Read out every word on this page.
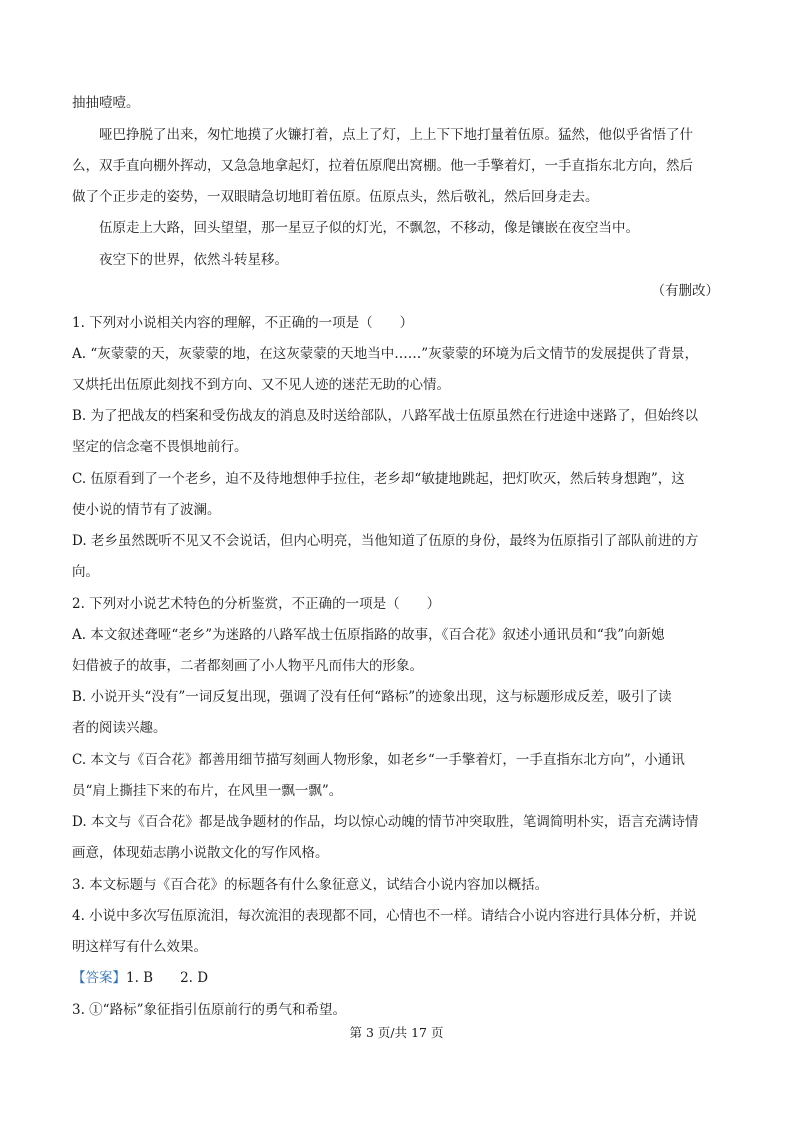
抽抽噎噎。
哑巴挣脱了出来，匆忙地摸了火镰打着，点上了灯，上上下下地打量着伍原。猛然，他似乎省悟了什
么，双手直向棚外挥动，又急急地拿起灯，拉着伍原爬出窝棚。他一手擎着灯，一手直指东北方向，然后
做了个正步走的姿势，一双眼睛急切地盯着伍原。伍原点头，然后敬礼，然后回身走去。
伍原走上大路，回头望望，那一星豆子似的灯光，不飘忽，不移动，像是镶嵌在夜空当中。
夜空下的世界，依然斗转星移。
（有删改）
1. 下列对小说相关内容的理解，不正确的一项是（　　）
A. “灰蒙蒙的天，灰蒙蒙的地，在这灰蒙蒙的天地当中……”灰蒙蒙的环境为后文情节的发展提供了背景，
又烘托出伍原此刻找不到方向、又不见人迹的迷茫无助的心情。
B. 为了把战友的档案和受伤战友的消息及时送给部队，八路军战士伍原虽然在行进途中迷路了，但始终以
坚定的信念毫不畏惧地前行。
C. 伍原看到了一个老乡，迫不及待地想伸手拉住，老乡却“敏捷地跳起，把灯吹灭，然后转身想跑”，这
使小说的情节有了波澜。
D. 老乡虽然既听不见又不会说话，但内心明亮，当他知道了伍原的身份，最终为伍原指引了部队前进的方
向。
2. 下列对小说艺术特色的分析鉴赏，不正确的一项是（　　）
A. 本文叙述聋哑“老乡”为迷路的八路军战士伍原指路的故事，《百合花》叙述小通讯员和“我”向新媳
妇借被子的故事，二者都刻画了小人物平凡而伟大的形象。
B. 小说开头“没有”一词反复出现，强调了没有任何“路标”的迹象出现，这与标题形成反差，吸引了读
者的阅读兴趣。
C. 本文与《百合花》都善用细节描写刻画人物形象，如老乡“一手擎着灯，一手直指东北方向”，小通讯
员“肩上撕挂下来的布片，在风里一飘一飘”。
D. 本文与《百合花》都是战争题材的作品，均以惊心动魄的情节冲突取胜，笔调简明朴实，语言充满诗情
画意，体现茹志鹃小说散文化的写作风格。
3. 本文标题与《百合花》的标题各有什么象征意义，试结合小说内容加以概括。
4. 小说中多次写伍原流泪，每次流泪的表现都不同，心情也不一样。请结合小说内容进行具体分析，并说
明这样写有什么效果。
【答案】1. B　　2. D
3. ①“路标”象征指引伍原前行的勇气和希望。
第 3 页/共 17 页
